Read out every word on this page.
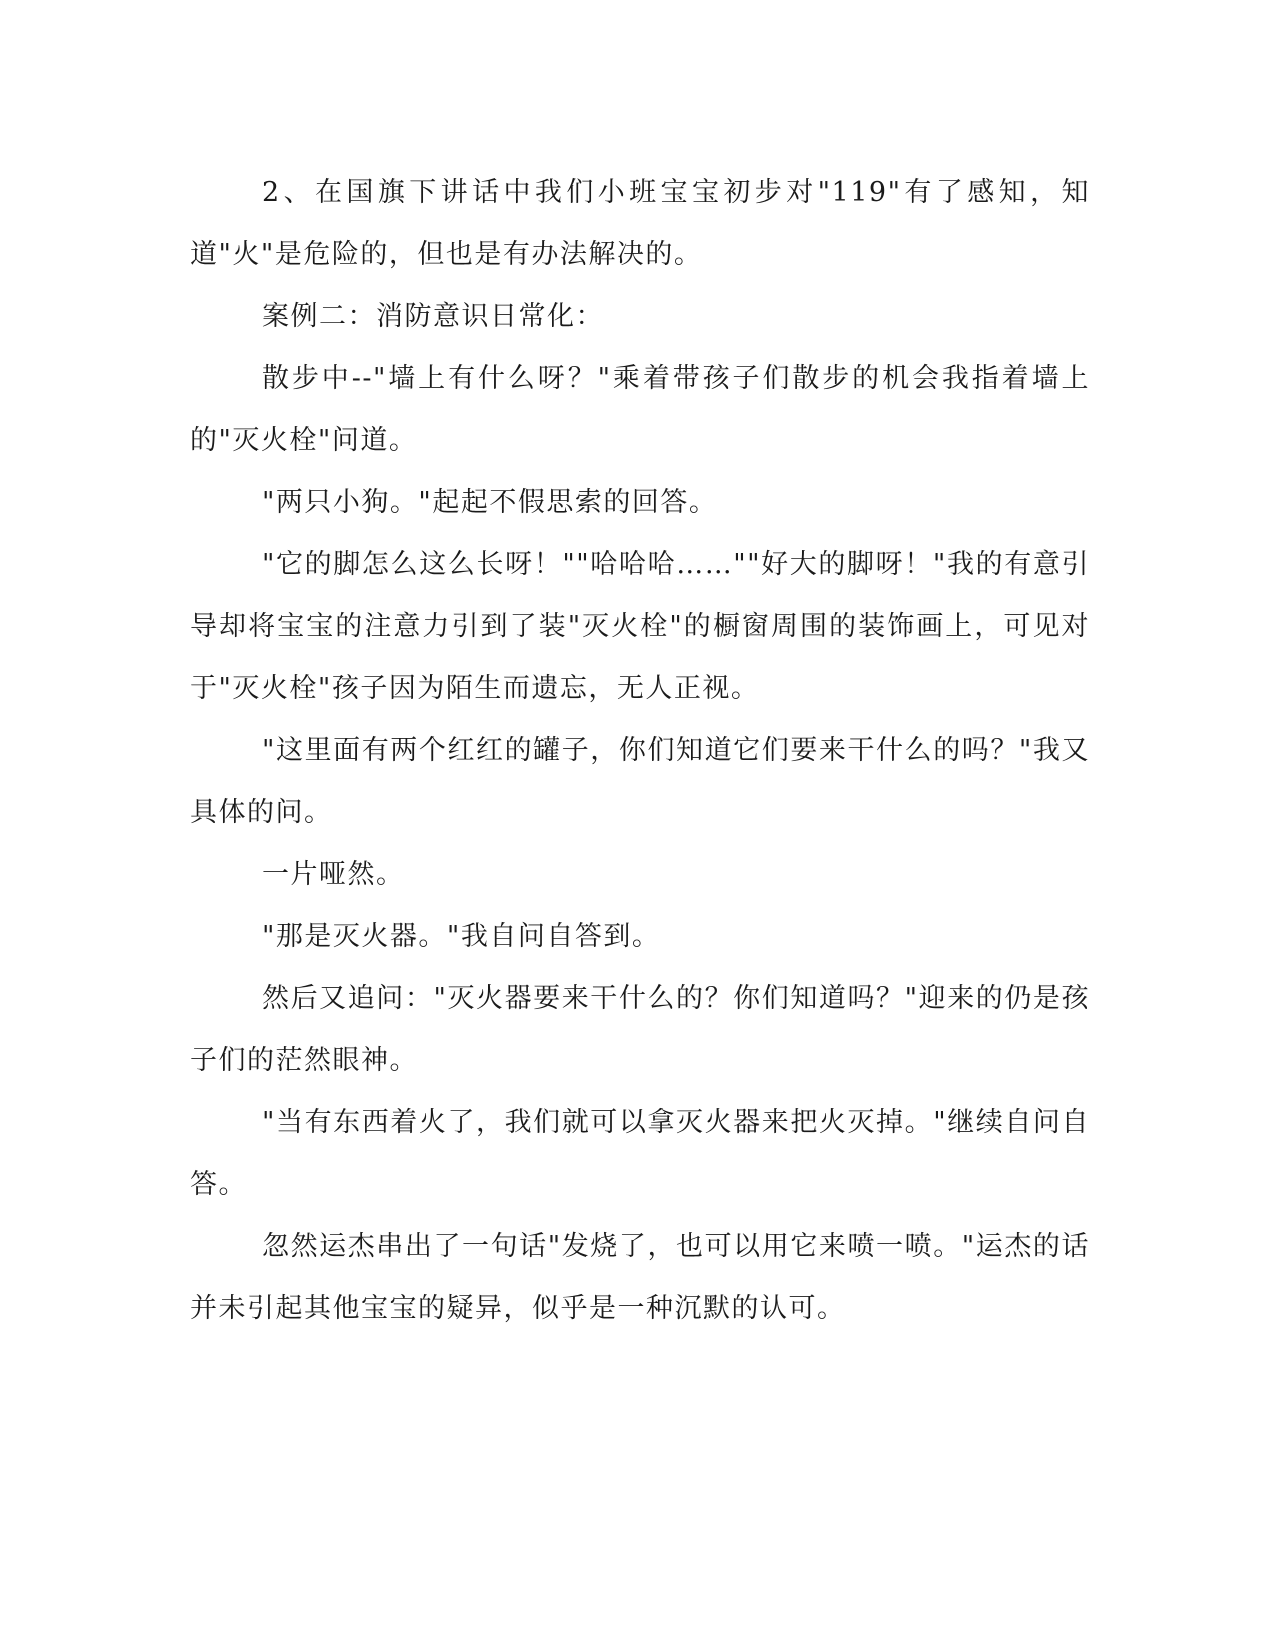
2、在国旗下讲话中我们小班宝宝初步对"119"有了感知，知道"火"是危险的，但也是有办法解决的。

案例二：消防意识日常化：

散步中--"墙上有什么呀？"乘着带孩子们散步的机会我指着墙上的"灭火栓"问道。

"两只小狗。"起起不假思索的回答。

"它的脚怎么这么长呀！""哈哈哈……""好大的脚呀！"我的有意引导却将宝宝的注意力引到了装"灭火栓"的橱窗周围的装饰画上，可见对于"灭火栓"孩子因为陌生而遗忘，无人正视。

"这里面有两个红红的罐子，你们知道它们要来干什么的吗？"我又具体的问。

一片哑然。

"那是灭火器。"我自问自答到。

然后又追问："灭火器要来干什么的？你们知道吗？"迎来的仍是孩子们的茫然眼神。

"当有东西着火了，我们就可以拿灭火器来把火灭掉。"继续自问自答。

忽然运杰串出了一句话"发烧了，也可以用它来喷一喷。"运杰的话并未引起其他宝宝的疑异，似乎是一种沉默的认可。
